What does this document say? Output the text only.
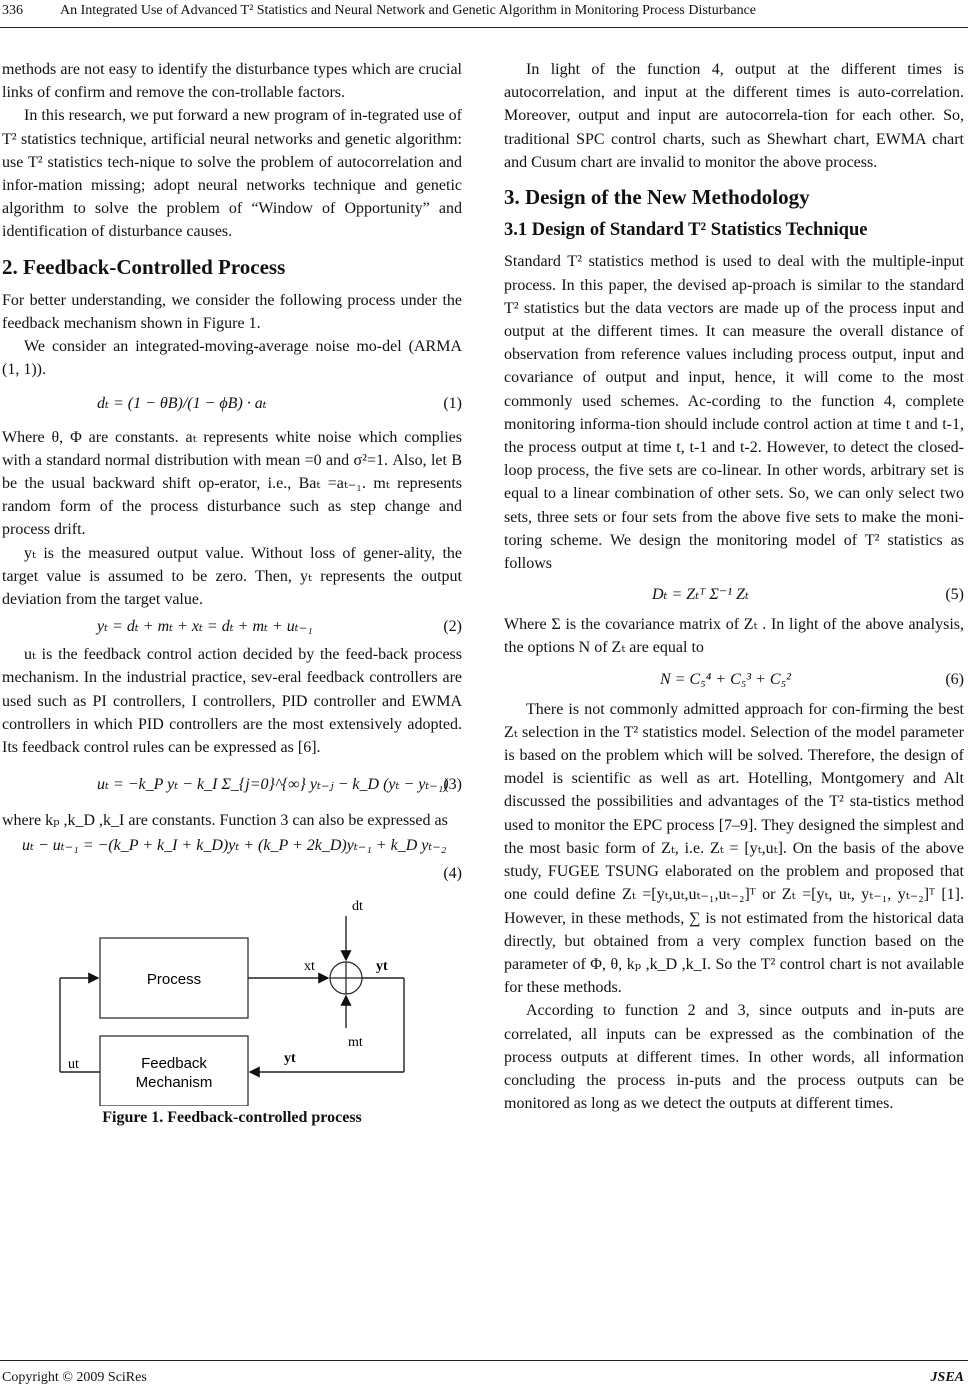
336	An Integrated Use of Advanced T² Statistics and Neural Network and Genetic Algorithm in Monitoring Process Disturbance

methods are not easy to identify the disturbance types which are crucial links of confirm and remove the con-trollable factors.

In this research, we put forward a new program of in-tegrated use of T² statistics technique, artificial neural networks and genetic algorithm: use T² statistics tech-nique to solve the problem of autocorrelation and infor-mation missing; adopt neural networks technique and genetic algorithm to solve the problem of “Window of Opportunity” and identification of disturbance causes.

2. Feedback-Controlled Process

For better understanding, we consider the following process under the feedback mechanism shown in Figure 1.

We consider an integrated-moving-average noise mo-del (ARMA (1, 1)).

dₜ = (1 − θB)/(1 − ϕB) · aₜ	(1)

Where θ, Φ are constants. aₜ represents white noise which complies with a standard normal distribution with mean =0 and σ²=1. Also, let B be the usual backward shift op-erator, i.e., Baₜ =aₜ₋₁. mₜ represents random form of the process disturbance such as step change and process drift.

yₜ is the measured output value. Without loss of gener-ality, the target value is assumed to be zero. Then, yₜ represents the output deviation from the target value.

yₜ = dₜ + mₜ + xₜ = dₜ + mₜ + uₜ₋₁	(2)

uₜ is the feedback control action decided by the feed-back process mechanism. In the industrial practice, sev-eral feedback controllers are used such as PI controllers, I controllers, PID controller and EWMA controllers in which PID controllers are the most extensively adopted. Its feedback control rules can be expressed as [6].

uₜ = −k_P yₜ − k_I Σ_{j=0}^{∞} yₜ₋ⱼ − k_D (yₜ − yₜ₋₁)
(3)

where kₚ ,k_D ,k_I are constants. Function 3 can also be expressed as

uₜ − uₜ₋₁ = −(k_P + k_I + k_D)yₜ + (k_P + 2k_D)yₜ₋₁ + k_D yₜ₋₂
(4)
Process
Feedback
Mechanism
dt
xt	yt
mt
yt
ut
Figure 1. Feedback-controlled process

In light of the function 4, output at the different times is autocorrelation, and input at the different times is auto-correlation. Moreover, output and input are autocorrela-tion for each other. So, traditional SPC control charts, such as Shewhart chart, EWMA chart and Cusum chart are invalid to monitor the above process.

3. Design of the New Methodology
3.1 Design of Standard T² Statistics Technique

Standard T² statistics method is used to deal with the multiple-input process. In this paper, the devised ap-proach is similar to the standard T² statistics but the data vectors are made up of the process input and output at the different times. It can measure the overall distance of observation from reference values including process output, input and covariance of output and input, hence, it will come to the most commonly used schemes. Ac-cording to the function 4, complete monitoring informa-tion should include control action at time t and t-1, the process output at time t, t-1 and t-2. However, to detect the closed-loop process, the five sets are co-linear. In other words, arbitrary set is equal to a linear combination of other sets. So, we can only select two sets, three sets or four sets from the above five sets to make the moni-toring scheme. We design the monitoring model of T² statistics as follows

Dₜ = Zₜᵀ Σ⁻¹ Zₜ	(5)

Where Σ is the covariance matrix of Zₜ . In light of the above analysis, the options N of Zₜ are equal to

N = C₅⁴ + C₅³ + C₅²	(6)

There is not commonly admitted approach for con-firming the best Zₜ selection in the T² statistics model. Selection of the model parameter is based on the problem which will be solved. Therefore, the design of model is scientific as well as art. Hotelling, Montgomery and Alt discussed the possibilities and advantages of the T² sta-tistics method used to monitor the EPC process [7–9]. They designed the simplest and the most basic form of Zₜ, i.e. Zₜ = [yₜ,uₜ]. On the basis of the above study, FUGEE TSUNG elaborated on the problem and proposed that one could define Zₜ =[yₜ,uₜ,uₜ₋₁,uₜ₋₂]ᵀ or Zₜ =[yₜ, uₜ, yₜ₋₁, yₜ₋₂]ᵀ [1]. However, in these methods, ∑ is not estimated from the historical data directly, but obtained from a very complex function based on the parameter of Φ, θ, kₚ ,k_D ,k_I. So the T² control chart is not available for these methods.

According to function 2 and 3, since outputs and in-puts are correlated, all inputs can be expressed as the combination of the process outputs at different times. In other words, all information concluding the process in-puts and the process outputs can be monitored as long as we detect the outputs at different times.

Copyright © 2009 SciRes	JSEA
